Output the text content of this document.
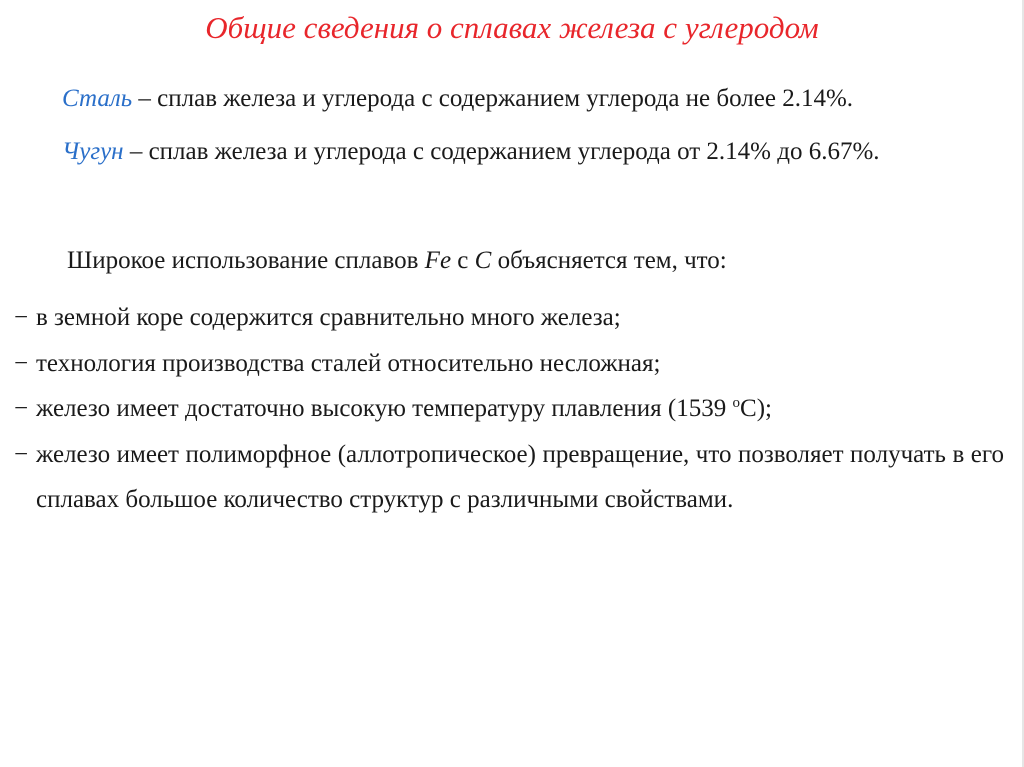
Общие сведения о сплавах железа с углеродом
Сталь – сплав железа и углерода с содержанием углерода не более 2.14%.
Чугун – сплав железа и углерода с содержанием углерода от 2.14% до 6.67%.
Широкое использование сплавов Fe с C объясняется тем, что:
− в земной коре содержится сравнительно много железа;
− технология производства сталей относительно несложная;
− железо имеет достаточно высокую температуру плавления (1539 $^o$C);
− железо имеет полиморфное (аллотропическое) превращение, что позволяет получать в его сплавах большое количество структур с различными свойствами.
